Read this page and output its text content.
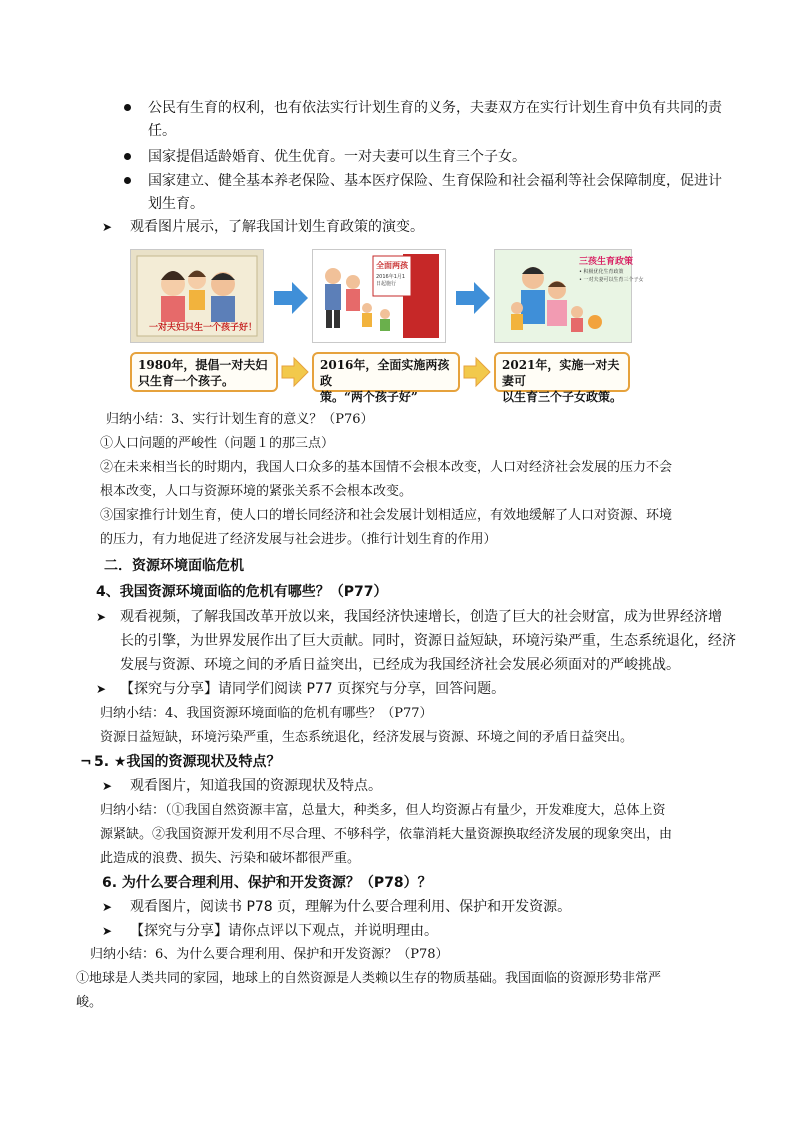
公民有生育的权利，也有依法实行计划生育的义务，夫妻双方在实行计划生育中负有共同的责
任。
国家提倡适龄婚育、优生优育。一对夫妻可以生育三个子女。
国家建立、健全基本养老保险、基本医疗保险、生育保险和社会福利等社会保障制度，促进计
划生育。
➤ 观看图片展示，了解我国计划生育政策的演变。
一对夫妇只生一个孩子好！
全面两孩
2016年1月1日起施行
三孩生育政策
• 积极优化生育政策
• 一对夫妻可以生育三个子女
1980年，提倡一对夫妇
只生育一个孩子。
2016年，全面实施两孩政
策。“两个孩子好”
2021年，实施一对夫妻可
以生育三个子女政策。
归纳小结：3、实行计划生育的意义？（P76）
①人口问题的严峻性（问题１的那三点）
②在未来相当长的时期内，我国人口众多的基本国情不会根本改变，人口对经济社会发展的压力不会
根本改变，人口与资源环境的紧张关系不会根本改变。
③国家推行计划生育，使人口的增长同经济和社会发展计划相适应，有效地缓解了人口对资源、环境
的压力，有力地促进了经济发展与社会进步。（推行计划生育的作用）
二．资源环境面临危机
4、我国资源环境面临的危机有哪些？（P77）
➤ 观看视频，了解我国改革开放以来，我国经济快速增长，创造了巨大的社会财富，成为世界经济增
长的引擎，为世界发展作出了巨大贡献。同时，资源日益短缺，环境污染严重，生态系统退化，经济
发展与资源、环境之间的矛盾日益突出，已经成为我国经济社会发展必须面对的严峻挑战。
➤ 【探究与分享】请同学们阅读 P77 页探究与分享，回答问题。
归纳小结：4、我国资源环境面临的危机有哪些？（P77）
资源日益短缺，环境污染严重，生态系统退化，经济发展与资源、环境之间的矛盾日益突出。
¬ 5. ★我国的资源现状及特点？
➤ 观看图片，知道我国的资源现状及特点。
归纳小结：（①我国自然资源丰富，总量大，种类多，但人均资源占有量少，开发难度大，总体上资
源紧缺。②我国资源开发利用不尽合理、不够科学，依靠消耗大量资源换取经济发展的现象突出，由
此造成的浪费、损失、污染和破坏都很严重。
6. 为什么要合理利用、保护和开发资源？（P78）？
➤ 观看图片，阅读书 P78 页，理解为什么要合理利用、保护和开发资源。
➤ 【探究与分享】请你点评以下观点，并说明理由。
归纳小结：6、为什么要合理利用、保护和开发资源？（P78）
①地球是人类共同的家园，地球上的自然资源是人类赖以生存的物质基础。我国面临的资源形势非常严
峻。
